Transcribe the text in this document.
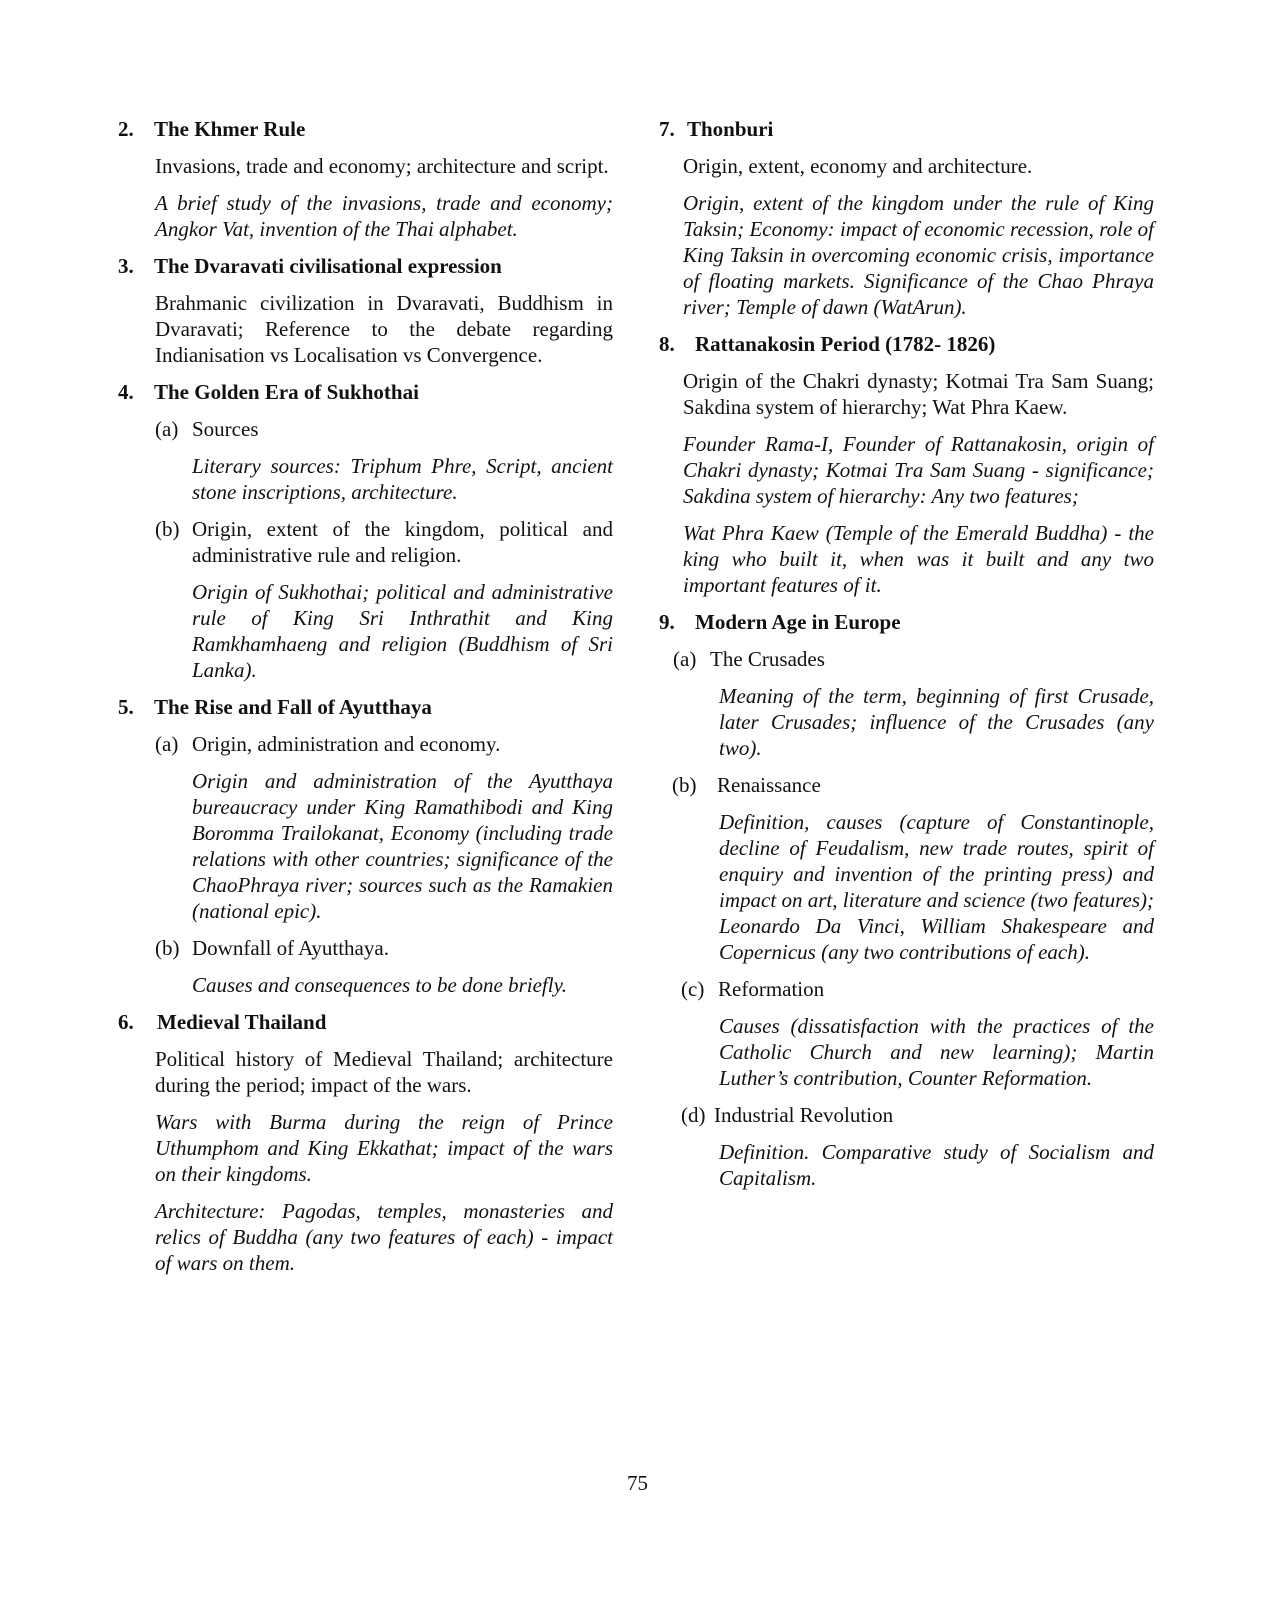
2. The Khmer Rule
Invasions, trade and economy; architecture and script.
A brief study of the invasions, trade and economy; Angkor Vat, invention of the Thai alphabet.
3. The Dvaravati civilisational expression
Brahmanic civilization in Dvaravati, Buddhism in Dvaravati; Reference to the debate regarding Indianisation vs Localisation vs Convergence.
4. The Golden Era of Sukhothai
(a) Sources
Literary sources: Triphum Phre, Script, ancient stone inscriptions, architecture.
(b) Origin, extent of the kingdom, political and administrative rule and religion.
Origin of Sukhothai; political and administrative rule of King Sri Inthrathit and King Ramkhamhaeng and religion (Buddhism of Sri Lanka).
5. The Rise and Fall of Ayutthaya
(a) Origin, administration and economy.
Origin and administration of the Ayutthaya bureaucracy under King Ramathibodi and King Boromma Trailokanat, Economy (including trade relations with other countries; significance of the ChaoPhraya river; sources such as the Ramakien (national epic).
(b) Downfall of Ayutthaya.
Causes and consequences to be done briefly.
6.	Medieval Thailand
Political history of Medieval Thailand; architecture during the period; impact of the wars.
Wars with Burma during the reign of Prince Uthumphom and King Ekkathat; impact of the wars on their kingdoms.
Architecture: Pagodas, temples, monasteries and relics of Buddha (any two features of each) - impact of wars on them.
7. Thonburi
Origin, extent, economy and architecture.
Origin, extent of the kingdom under the rule of King Taksin; Economy: impact of economic recession, role of King Taksin in overcoming economic crisis, importance of floating markets. Significance of the Chao Phraya river; Temple of dawn (WatArun).
8. Rattanakosin Period (1782- 1826)
Origin of the Chakri dynasty; Kotmai Tra Sam Suang; Sakdina system of hierarchy; Wat Phra Kaew.
Founder Rama-I, Founder of Rattanakosin, origin of Chakri dynasty; Kotmai Tra Sam Suang - significance; Sakdina system of hierarchy: Any two features;
Wat Phra Kaew (Temple of the Emerald Buddha) - the king who built it, when was it built and any two important features of it.
9. Modern Age in Europe
(a) The Crusades
Meaning of the term, beginning of first Crusade, later Crusades; influence of the Crusades (any two).
(b) Renaissance
Definition, causes (capture of Constantinople, decline of Feudalism, new trade routes, spirit of enquiry and invention of the printing press) and impact on art, literature and science (two features); Leonardo Da Vinci, William Shakespeare and Copernicus (any two contributions of each).
(c) Reformation
Causes (dissatisfaction with the practices of the Catholic Church and new learning); Martin Luther’s contribution, Counter Reformation.
(d) Industrial Revolution
Definition. Comparative study of Socialism and Capitalism.
75
